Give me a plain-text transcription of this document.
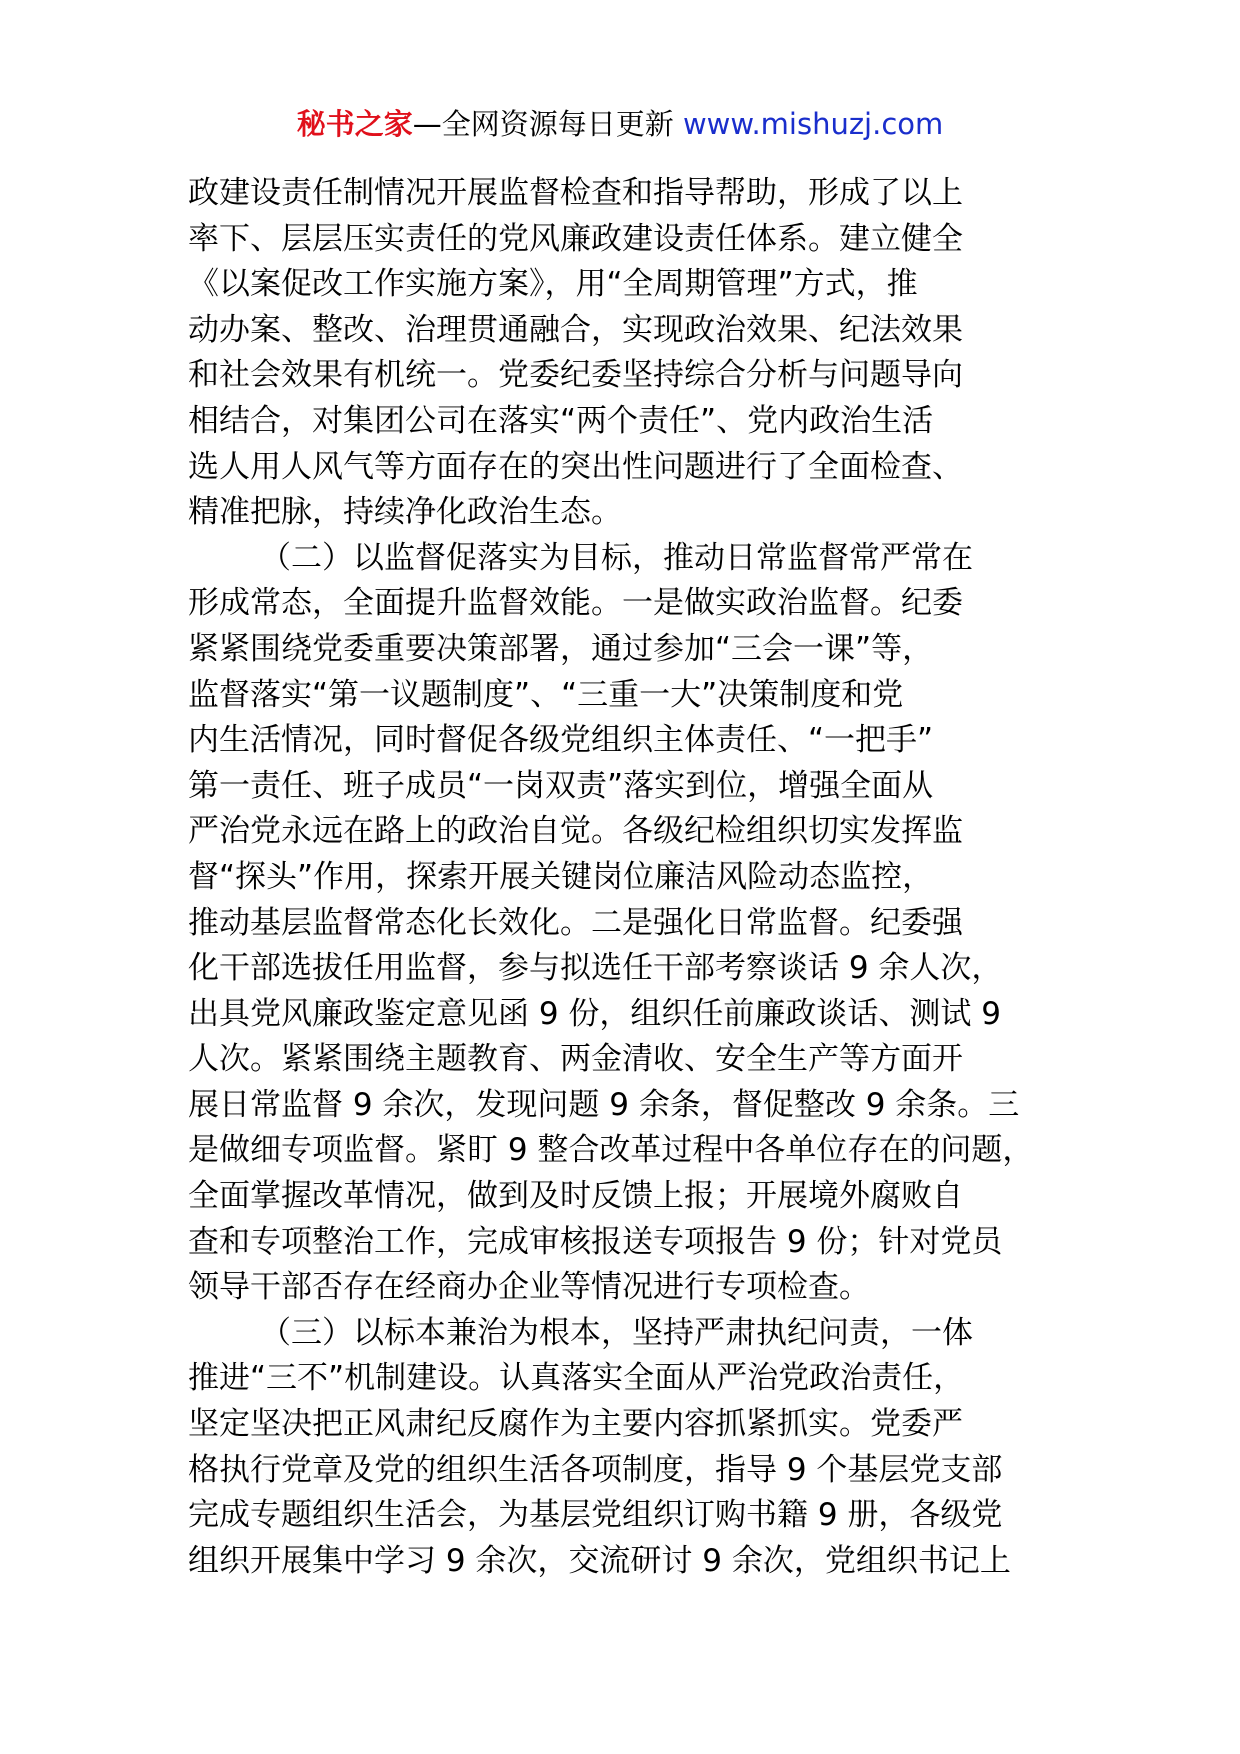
秘书之家—全网资源每日更新 www.mishuzj.com
政建设责任制情况开展监督检查和指导帮助，形成了以上
率下、层层压实责任的党风廉政建设责任体系。建立健全
《以案促改工作实施方案》，用“全周期管理”方式，推
动办案、整改、治理贯通融合，实现政治效果、纪法效果
和社会效果有机统一。党委纪委坚持综合分析与问题导向
相结合，对集团公司在落实“两个责任”、党内政治生活
选人用人风气等方面存在的突出性问题进行了全面检查、
精准把脉，持续净化政治生态。
（二）以监督促落实为目标，推动日常监督常严常在
形成常态，全面提升监督效能。一是做实政治监督。纪委
紧紧围绕党委重要决策部署，通过参加“三会一课”等，
监督落实“第一议题制度”、“三重一大”决策制度和党
内生活情况，同时督促各级党组织主体责任、“一把手”
第一责任、班子成员“一岗双责”落实到位，增强全面从
严治党永远在路上的政治自觉。各级纪检组织切实发挥监
督“探头”作用，探索开展关键岗位廉洁风险动态监控，
推动基层监督常态化长效化。二是强化日常监督。纪委强
化干部选拔任用监督，参与拟选任干部考察谈话 9 余人次，
出具党风廉政鉴定意见函 9 份，组织任前廉政谈话、测试 9
人次。紧紧围绕主题教育、两金清收、安全生产等方面开
展日常监督 9 余次，发现问题 9 余条，督促整改 9 余条。三
是做细专项监督。紧盯 9 整合改革过程中各单位存在的问题，
全面掌握改革情况，做到及时反馈上报；开展境外腐败自
查和专项整治工作，完成审核报送专项报告 9 份；针对党员
领导干部否存在经商办企业等情况进行专项检查。
（三）以标本兼治为根本，坚持严肃执纪问责，一体
推进“三不”机制建设。认真落实全面从严治党政治责任，
坚定坚决把正风肃纪反腐作为主要内容抓紧抓实。党委严
格执行党章及党的组织生活各项制度，指导 9 个基层党支部
完成专题组织生活会，为基层党组织订购书籍 9 册，各级党
组织开展集中学习 9 余次，交流研讨 9 余次，党组织书记上
